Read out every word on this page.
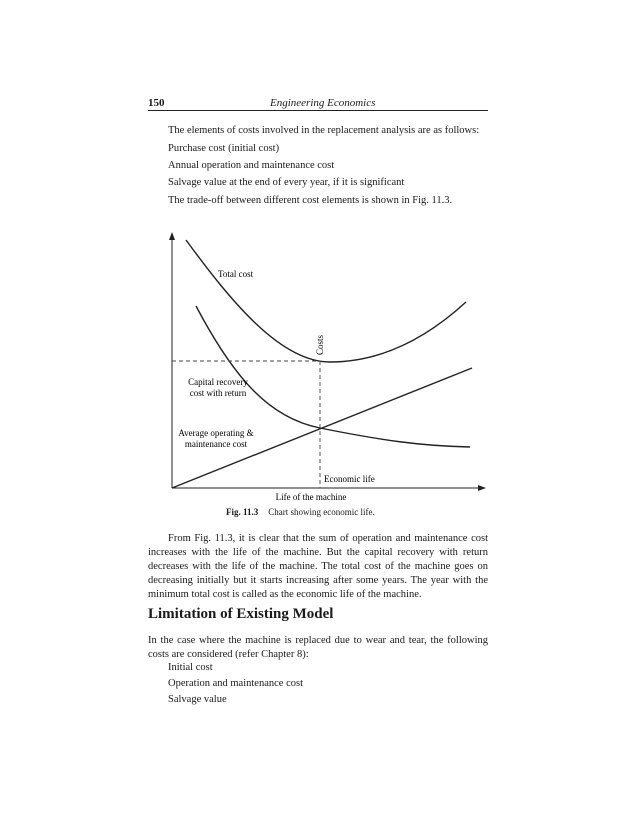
150	Engineering Economics
The elements of costs involved in the replacement analysis are as follows:
Purchase cost (initial cost)
Annual operation and maintenance cost
Salvage value at the end of every year, if it is significant
The trade-off between different cost elements is shown in Fig. 11.3.
Total cost
Costs
Capital recovery
cost with return
Average operating &
maintenance cost
Economic life
Life of the machine
Fig. 11.3 Chart showing economic life.
From Fig. 11.3, it is clear that the sum of operation and maintenance cost
increases with the life of the machine. But the capital recovery with return
decreases with the life of the machine. The total cost of the machine goes on
decreasing initially but it starts increasing after some years. The year with the
minimum total cost is called as the economic life of the machine.
Limitation of Existing Model
In the case where the machine is replaced due to wear and tear, the following
costs are considered (refer Chapter 8):
Initial cost
Operation and maintenance cost
Salvage value
